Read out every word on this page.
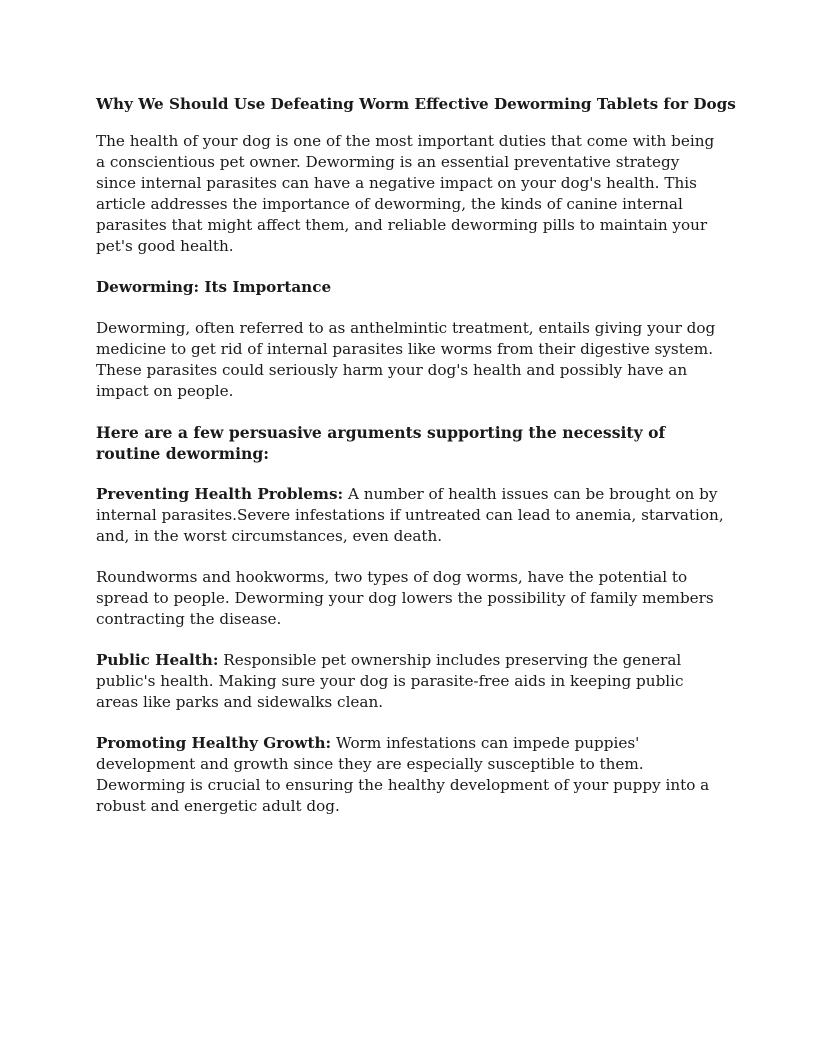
Why We Should Use Defeating Worm Effective Deworming Tablets for Dogs

The health of your dog is one of the most important duties that come with being a conscientious pet owner. Deworming is an essential preventative strategy since internal parasites can have a negative impact on your dog's health. This article addresses the importance of deworming, the kinds of canine internal parasites that might affect them, and reliable deworming pills to maintain your pet's good health.

Deworming: Its Importance

Deworming, often referred to as anthelmintic treatment, entails giving your dog medicine to get rid of internal parasites like worms from their digestive system. These parasites could seriously harm your dog's health and possibly have an impact on people.

Here are a few persuasive arguments supporting the necessity of routine deworming:

Preventing Health Problems: A number of health issues can be brought on by internal parasites.Severe infestations if untreated can lead to anemia, starvation, and, in the worst circumstances, even death.

Roundworms and hookworms, two types of dog worms, have the potential to spread to people. Deworming your dog lowers the possibility of family members contracting the disease.

Public Health: Responsible pet ownership includes preserving the general public's health. Making sure your dog is parasite-free aids in keeping public areas like parks and sidewalks clean.

Promoting Healthy Growth: Worm infestations can impede puppies' development and growth since they are especially susceptible to them. Deworming is crucial to ensuring the healthy development of your puppy into a robust and energetic adult dog.
